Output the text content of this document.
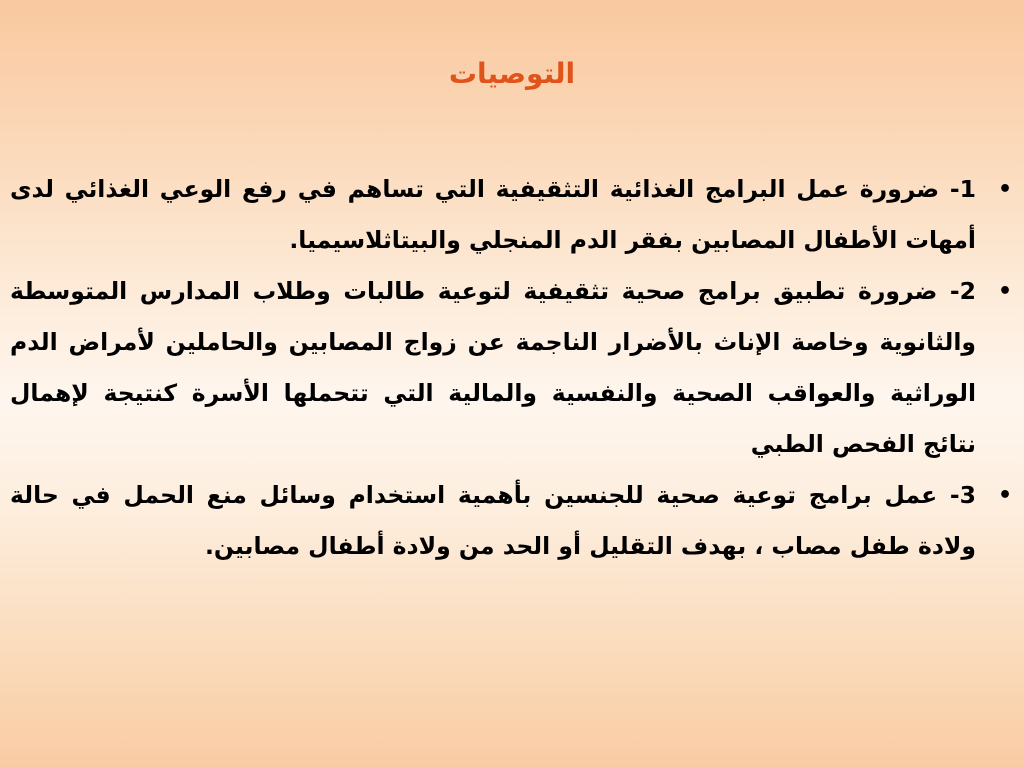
التوصيات

•
1- ضرورة عمل البرامج الغذائية التثقيفية التي تساهم في رفع الوعي الغذائي لدى أمهات الأطفال المصابين بفقر الدم المنجلي والبيتاثلاسيميا.

•
2- ضرورة تطبيق برامج صحية تثقيفية لتوعية طالبات وطلاب المدارس المتوسطة والثانوية وخاصة الإناث بالأضرار الناجمة عن زواج المصابين والحاملين لأمراض الدم الوراثية والعواقب الصحية والنفسية والمالية التي تتحملها الأسرة كنتيجة لإهمال نتائج الفحص الطبي

•
3- عمل برامج توعية صحية للجنسين بأهمية استخدام وسائل منع الحمل في حالة ولادة طفل مصاب ، بهدف التقليل أو الحد من ولادة أطفال مصابين.
